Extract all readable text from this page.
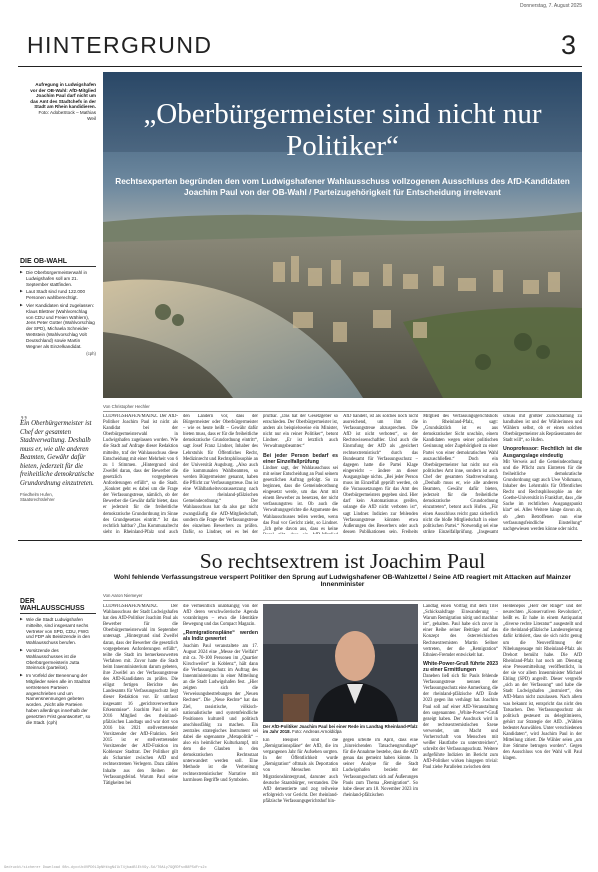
Donnerstag, 7. August 2025
HINTERGRUND	3
Aufregung in Ludwigshafen vor der OB-Wahl: AfD-Mitglied Joachim Paul darf nicht um das Amt des Stadtchefs in der Stadt am Rhein kandidieren.
Foto: AdobeStock – Mathias Weil	„Oberbürgermeister sind nicht nur Politiker“
Rechtsexperten begründen den vom Ludwigshafener Wahlausschuss vollzogenen Ausschluss des AfD-Kandidaten Joachim Paul von der OB-Wahl / Parteizugehörigkeit für Entscheidung irrelevant
DIE OB-WAHL
▶ Die Oberbürgermeisterwahl in Ludwigshafen soll am 21. September stattfinden.
▶ Laut Stadt sind rund 122.000 Personen wahlberechtigt.
▶ Vier Kandidaten sind zugelassen: Klaus Blettner (Wahlvorschlag von CDU und Freien Wählern), Jens Peter Gotter (Wahlvorschlag der SPD), Michaela Schneider-Wettstein (Wahlvorschlag Volt Deutschland) sowie Martin Wegner als Einzelkandidat.
(cph)
„
Ein Oberbürgermeister ist Chef der gesamten Stadtverwaltung. Deshalb muss er, wie alle anderen Beamten, Gewähr dafür bieten, jederzeit für die freiheitliche demokratische Grundordnung einzutreten.
Friedhelm Hufen,
Staatsrechtslehrer
Von Christopher Hechler
LUDWIGSHAFEN/MAINZ. Der AfD-Politiker Joachim Paul ist nicht als Kandidat bei der Oberbürgermeisterwahl in Ludwigshafen zugelassen worden. Wie die Stadt auf Anfrage dieser Redaktion mitteilte, traf der Wahlausschuss diese Entscheidung mit einer Mehrheit von 6 zu 1 Stimmen. „Hintergrund sind Zweifel daran, dass der Bewerber die gesetzlich vorgegebenen Anforderungen erfüllt“, so die Stadt. „Konkret geht es dabei um die Frage der Verfassungstreue, nämlich, ob der Bewerber die Gewähr dafür bietet, dass er jederzeit für die freiheitliche demokratische Grundordnung im Sinne des Grundgesetzes eintritt.“ Ist das rechtlich haltbar? „Das Kommunalrecht sieht in Rheinland-Pfalz und auch
den Ländern vor, dass der Bürgermeister oder Oberbürgermeister – wie es heute heißt – Gewähr dafür bieten muss, dass er für die freiheitliche demokratische Grundordnung eintritt“, sagt Josef Franz Lindner, Inhaber des Lehrstuhls für Öffentliches Recht, Medizinrecht und Rechtsphilosophie an der Universität Augsburg. „Also auch die kommunalen Wahlbeamten, so werden Bürgermeister genannt, haben die Pflicht zur Verfassungstreue. Das ist eine Wählbarkeitsvoraussetzung nach der rheinland-pfälzischen Gemeindeordnung.“ Der Wahlausschuss hat da also gar nicht zwangsläufig die AfD-Mitgliedschaft, sondern die Frage der Verfassungstreue des einzelnen Bewerbers zu prüfen. Dafür, so Lindner, sei es bei der
prüfbar. „Das hat der Gesetzgeber so entschieden. Der Oberbürgermeister ist, anders als beispielsweise ein Minister, nicht nur ein reiner Politiker“, betont Lindner. „Er ist letztlich auch Verwaltungsbeamter.“
Bei jeder Person bedarf es einer Einzelfallprüfung
Lindner sagt, der Wahlausschuss sei mit seiner Entscheidung an Paul seinem gesetzlichen Auftrag gefolgt. So zu beginnen, dass die Gemeindeordnung eingesetzt werde, um das Amt mit einem Bewerber zu besetzen, der nicht verfassungstreu ist. Ob auch die Verwaltungsgerichte die Argumente des Wahlausschusses teilen werden, wenn das Paul vor Gericht zieht, so Lindner. „Ich gehe davon aus, dass es keine
AfD handelt, ist als solches noch nicht ausreichend, um ihm die Verfassungstreue abzusprechen. Die AfD ist nicht verboten“, so der Rechtswissenschaftler. Und auch die Einstufung der AfD als „gesichert rechtsextremistisch“ durch das Bundesamt für Verfassungsschutz – dagegen hatte die Partei Klage eingereicht – ändere an dieser Ausgangslage nichts. „Bei jeder Person muss im Einzelfall geprüft werden, ob die Voraussetzungen für das Amt des Oberbürgermeisters gegeben sind. Hier darf kein Automatismus greifen, solange die AfD nicht verboten ist“, sagt Lindner. Indizien zur fehlenden Verfassungstreue könnten etwa Äußerungen des Bewerbers oder auch dessen Publikationen sein. Freiheits
Mitglied des Verfassungsgerichtshofs in Rheinland-Pfalz, sagt: „Grundsätzlich ist es aus demokratischer Sicht unschön, einem Kandidaten wegen seiner politischen Gesinnung oder Zugehörigkeit zu einer Partei von einer demokratischen Wahl auszuschließen.“ Doch ein Oberbürgermeister hat nicht nur ein politisches Amt inne, sondern ist auch Chef der gesamten Stadtverwaltung. „Deshalb muss er, wie alle anderen Beamten, Gewähr dafür bieten, jederzeit für die freiheitliche demokratische Grundordnung einzutreten“, betont auch Hufen. „Für einen Ausschluss reicht ganz sicherlich nicht die bloße Mitgliedschaft in einer politischen Partei.“ Notwendig sei eine strikte Einzelfallprüfung. „Insgesamt
schuss mit größter Zurückhaltung zu handhaben ist und der Wählerinnen und Wählern selbst, ob er einen solchen Oberbürgermeister als Repräsentanten der Stadt will“, so Hufen.
Unoprofessor: Rechtlich ist die Ausgangslage eindeutig
Mit Verweis auf die Gemeindeordnung und die Pflicht zum Eintreten für die freiheitliche demokratische Grundordnung sagt auch Uwe Volkmann, Inhaber des Lehrstuhls für Öffentliches Recht und Rechtsphilosophie an der Goethe-Universität in Frankfurt, dass „die Sache im rechtlichen Ausgangspunkt klar“ sei. Alles Weitere hänge davon ab, ob „dem Betroffenen nun eine verfassungsfeindliche Einstellung“ nachgewiesen werden könne oder nicht.
So rechtsextrem ist Joachim Paul
Wohl fehlende Verfassungstreue versperrt Politiker den Sprung auf Ludwigshafener OB-Wahlzettel / Seine AfD reagiert mit Attacken auf Mainzer Innenminister
DER WAHLAUSSCHUSS
▶ Wie die Stadt Ludwigshafen mitteilte, sind insgesamt sechs Vertreter von SPD, CDU, FWG und FDP als Beisitzende in den Wahlausschuss berufen.
▶ Vorsitzende des Wahlausschusses ist die Oberbürgermeisterin Jutta Steinruck (parteilos).
▶ Im Vorfeld der Benennung der Mitglieder seien alle im Stadtrat vertretenen Parteien angeschrieben und um Namensnennungen gebeten worden. „Nicht alle Parteien haben allerdings innerhalb der gesetzten Frist geantwortet“, so die Stadt. (cph)
Von Aaron Niemeyer
LUDWIGSHAFEN/MAINZ. Der Wahlausschuss der Stadt Ludwigshafen hat den AfD-Politiker Joachim Paul als Bewerber für die Oberbürgermeisterwahl im September untersagt. „Hintergrund sind Zweifel daran, dass der Bewerber die gesetzlich vorgegebenen Anforderungen erfüllt“, teilte die Stadt im bemerkenswerten Verfahren mit. Zuvor hatte die Stadt beim Innenministerium darum gebeten, ihre Zweifel an der Verfassungstreue des AfD-Kandidaten zu prüfen. Die eiligst fertigen Berichte des Landesamts für Verfassungsschutz liegt dieser Redaktion vor. Er umfasst insgesamt 16 „gerichtsverwertbare Erkenntnisse“. Joachim Paul ist seit 2016 Mitglied des rheinland-pfälzischen Landtags und war dort von 2016 bis 2021 stellvertretender Vorsitzender der AfD-Fraktion. Seit 2015 ist er stellvertretender Vorsitzender der AfD-Fraktion im Koblenzer Stadtrat. Der Politiker gilt als Scharnier zwischen AfD und rechtsextremen Verlegern. Dazu zählen Inhalte aus den Reihen der Verfassungsfeind. Warum Paul seine Tätigkeiten bei
die vermeintlich unabhängig von der AfD deren verschwörerische Agenda voranbringen – etwa die Identitäre Bewegung und das Compact Magazin.
„Remigrationspläne“ werden als Indiz gewertet
Joachim Paul veranstaltete am 17. August 2024 eine „Messe der Vielfalt“ mit ca. 70-100 Personen im „Quartier Kirschweiler“ in Koblenz“, hält dann die Verfassungsschutz im Auftrag des Innenministeriums in einer Mitteilung an die Stadt Ludwigshafen fest. „Hier zeigten sich die Verweisungsbestrebungen der „Neuen Rechten“. Die „Neue Rechte“ hat das Ziel, rassistische, völkisch-nationalistische und systemfeindliche Positionen kulturell und politisch anschlussfähig zu machen. Ein zentrales strategisches Instrument sei dabei die sogenannte „Metapolitik“ – also ein heimlicher Kulturkampf, mit dem die Glauben in den demokratischen Rechtsstaat unterwandert werden soll. Eine Methode ist die Verbreitung rechtsextremistischer Narrative mit harmlosen Begriffe und Symbolen.
Der AfD-Politiker Joachim Paul bei einer Rede im Landtag Rheinland-Pfalz im Jahr 2018. Foto: Andreas Arnold/dpa
Ein Beispiel sind die „Remigrationspläne“ der AfD, die im vergangenen Jahr für Aufsehen sorgten. In der Öffentlichkeit wurde „Remigration“ oftmals als Deportation von Menschen mit Migrationshintergrund, darunter auch deutsche Staatsbürger, verstanden. Die AfD dementierte und zog teilweise erfolgreich vor Gericht. Der rheinland-pfälzische Verfassungsgerichtshof hin-
gegen urteilte im April, dass eine „hinreichenden Tatsachengrundlage“ für die Annahme bestehe, dass die AfD genau das gemeint haben könnte. In seiner Analyse für die Stadt Ludwigshafen bezieht der Verfassungsschutz sich auf Äußerungen Pauls zum Thema „Remigration“. So habe dieser am 18. November 2023 im rheinland-pfälzischen
Landtag einen Vortrag mit dem Titel „Schicksalsfrage Einwanderung – Warum Remigration nötig und machbar ist“, gehalten. Paul habe sich zuvor in einer Reihe seiner Beiträge auf das Konzept des österreichischen Rechtsextremisten Martin Sellner vertreten, der die „Remigration“ Ethnien-Fremder entwickelt hat.
White-Power-Gruß führte 2023 zu einer Ermittlungen
Daneben ließ sich für Pauls fehlende Verfassungstreue nennen der Verfassungsschutz eine Anmerkung, die der rheinland-pfälzische AfD Ende 2023 gegen ihn verhängt hat. Joachim Paul soll auf einer AfD-Veranstaltung den sogenannten „White-Power“-Gruß gezeigt haben. Der Ausdruck wird in der rechtsextremistischen Szene verwendet, um Macht und Vorherrschaft von Menschen mit weißer Hautfarbe zu unterstreichen“, schreibt der Verfassungsschutz. Weitere aufgeführte Indizien im Bericht zum AfD-Politiker wirken hingegen trivial: Paul ziehe Parallelen zwischen dem
Heldenepos „Herr der Ringe“ und der neurechten „Konservativen Revolution“, heißt es. Er habe in einem Antiquariat „diverse rechte Literatur“ ausgestellt und die rheinland-pfälzische Landesregierung dafür kritisiert, dass sie sich nicht genug um die Neuverfilmung der Nibelungensage mit Rheinland-Pfalz als Drehort bemüht habe. Die AfD Rheinland-Pfalz hat noch am Dienstag eine Pressemitteilung veröffentlicht, in der sie vor allem Innenminister Michael Ebling (SPD) angreift. Dieser vergreife „sich an der Verfassung“ und habe die Stadt Ludwigshafen „instruiert“, den AfD-Mann nicht zuzulassen. Nach allem was bekannt ist, entspricht das nicht den Tatsachen. Den Verfassungsschutz als politisch gesteuert zu delegitimieren, gehört zur Strategie der AfD. „Wählen bedeutet Auswählen. Unter verschiedenen Kandidaten“, wird Joachim Paul in der Mitteilung zitiert. Die Wähler seien „um ihre Stimme betrogen worden“. Gegen den Ausschluss von der Wahl will Paul klagen.
Gedruckt/sicherer Download 08n-dyccUcUVPD0L3pNHtbgN4lkT4jbadBlEtVGy-Sd/T0A1y7GQRDFsxB8PSdFrs2c
